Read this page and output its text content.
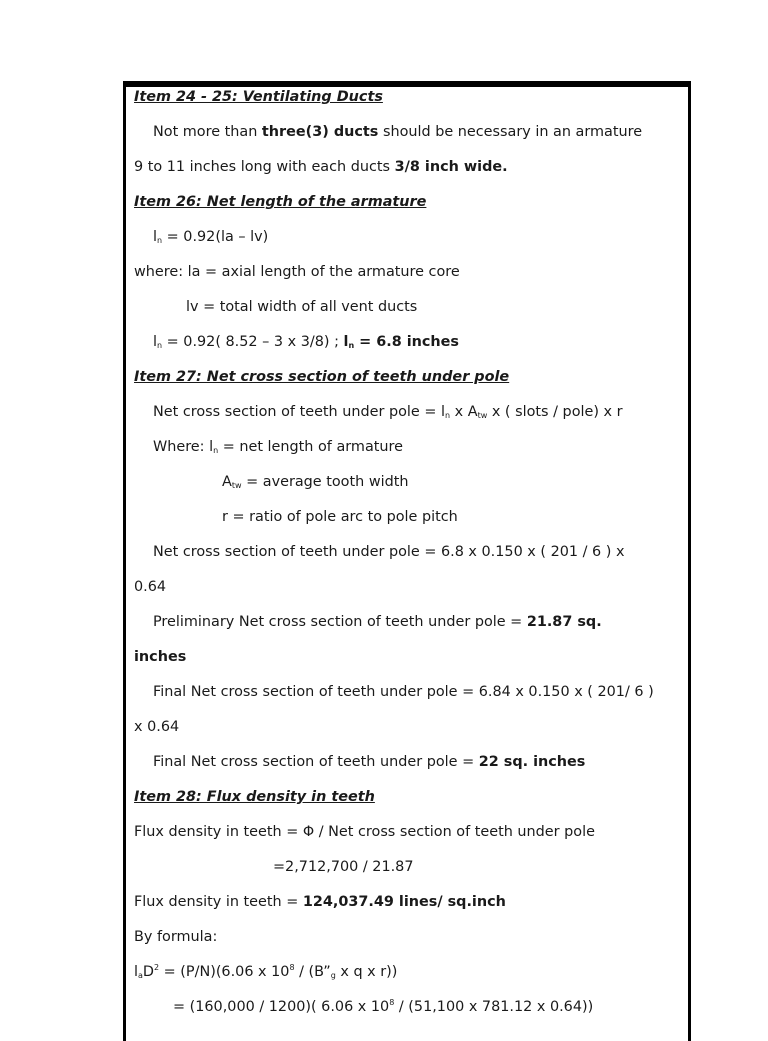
Item 24 - 25: Ventilating Ducts
Not more than three(3) ducts should be necessary in an armature
9 to 11 inches long with each ducts 3/8 inch wide.
Item 26: Net length of the armature
ln = 0.92(la – lv)
where: la = axial length of the armature core
lv = total width of all vent ducts
ln = 0.92( 8.52 – 3 x 3/8) ; ln = 6.8 inches
Item 27: Net cross section of teeth under pole
Net cross section of teeth under pole = ln x Atw x ( slots / pole) x r
Where: ln = net length of armature
Atw = average tooth width
r = ratio of pole arc to pole pitch
Net cross section of teeth under pole = 6.8 x 0.150 x ( 201 / 6 ) x
0.64
Preliminary Net cross section of teeth under pole = 21.87 sq.
inches
Final Net cross section of teeth under pole = 6.84 x 0.150 x ( 201/ 6 )
x 0.64
Final Net cross section of teeth under pole = 22 sq. inches
Item 28: Flux density in teeth
Flux density in teeth = Φ / Net cross section of teeth under pole
=2,712,700 / 21.87
Flux density in teeth = 124,037.49 lines/ sq.inch
By formula:
laD$^2$ = (P/N)(6.06 x $10^8$ / (B”g x q x r))
= (160,000 / 1200)( 6.06 x $10^8 / (51,100$ x 781.12 x 0.64))
